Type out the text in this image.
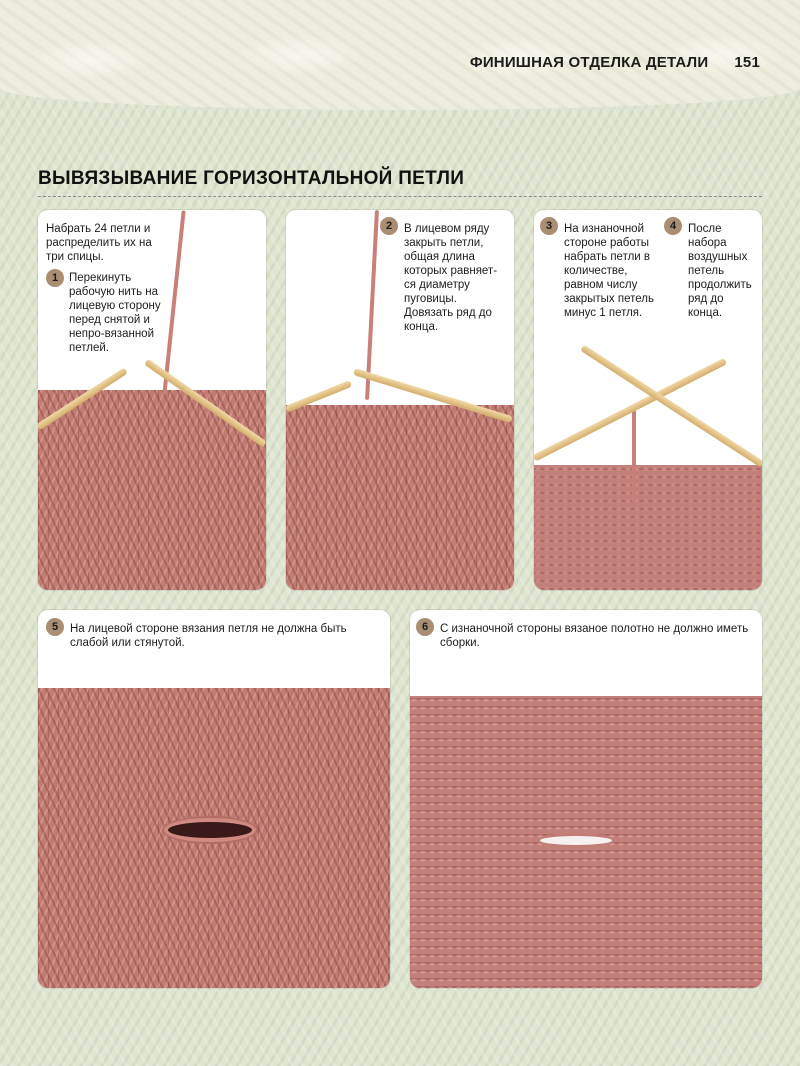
ФИНИШНАЯ ОТДЕЛКА ДЕТАЛИ 151
ВЫВЯЗЫВАНИЕ ГОРИЗОНТАЛЬНОЙ ПЕТЛИ
Набрать 24 петли и распределить их на три спицы.
1 Перекинуть рабочую нить на лицевую сторону перед снятой и непро-вязанной петлей.
2	В лицевом ряду закрыть петли, общая длина которых равняет-ся диаметру пуговицы. Довязать ряд до конца.
3	На изнаночной стороне работы набрать петли в количестве, равном числу закрытых петель минус 1 петля.
4	После набора воздушных петель продолжить ряд до конца.
5	На лицевой стороне вязания петля не должна быть слабой или стянутой.
6	С изнаночной стороны вязаное полотно не должно иметь сборки.
